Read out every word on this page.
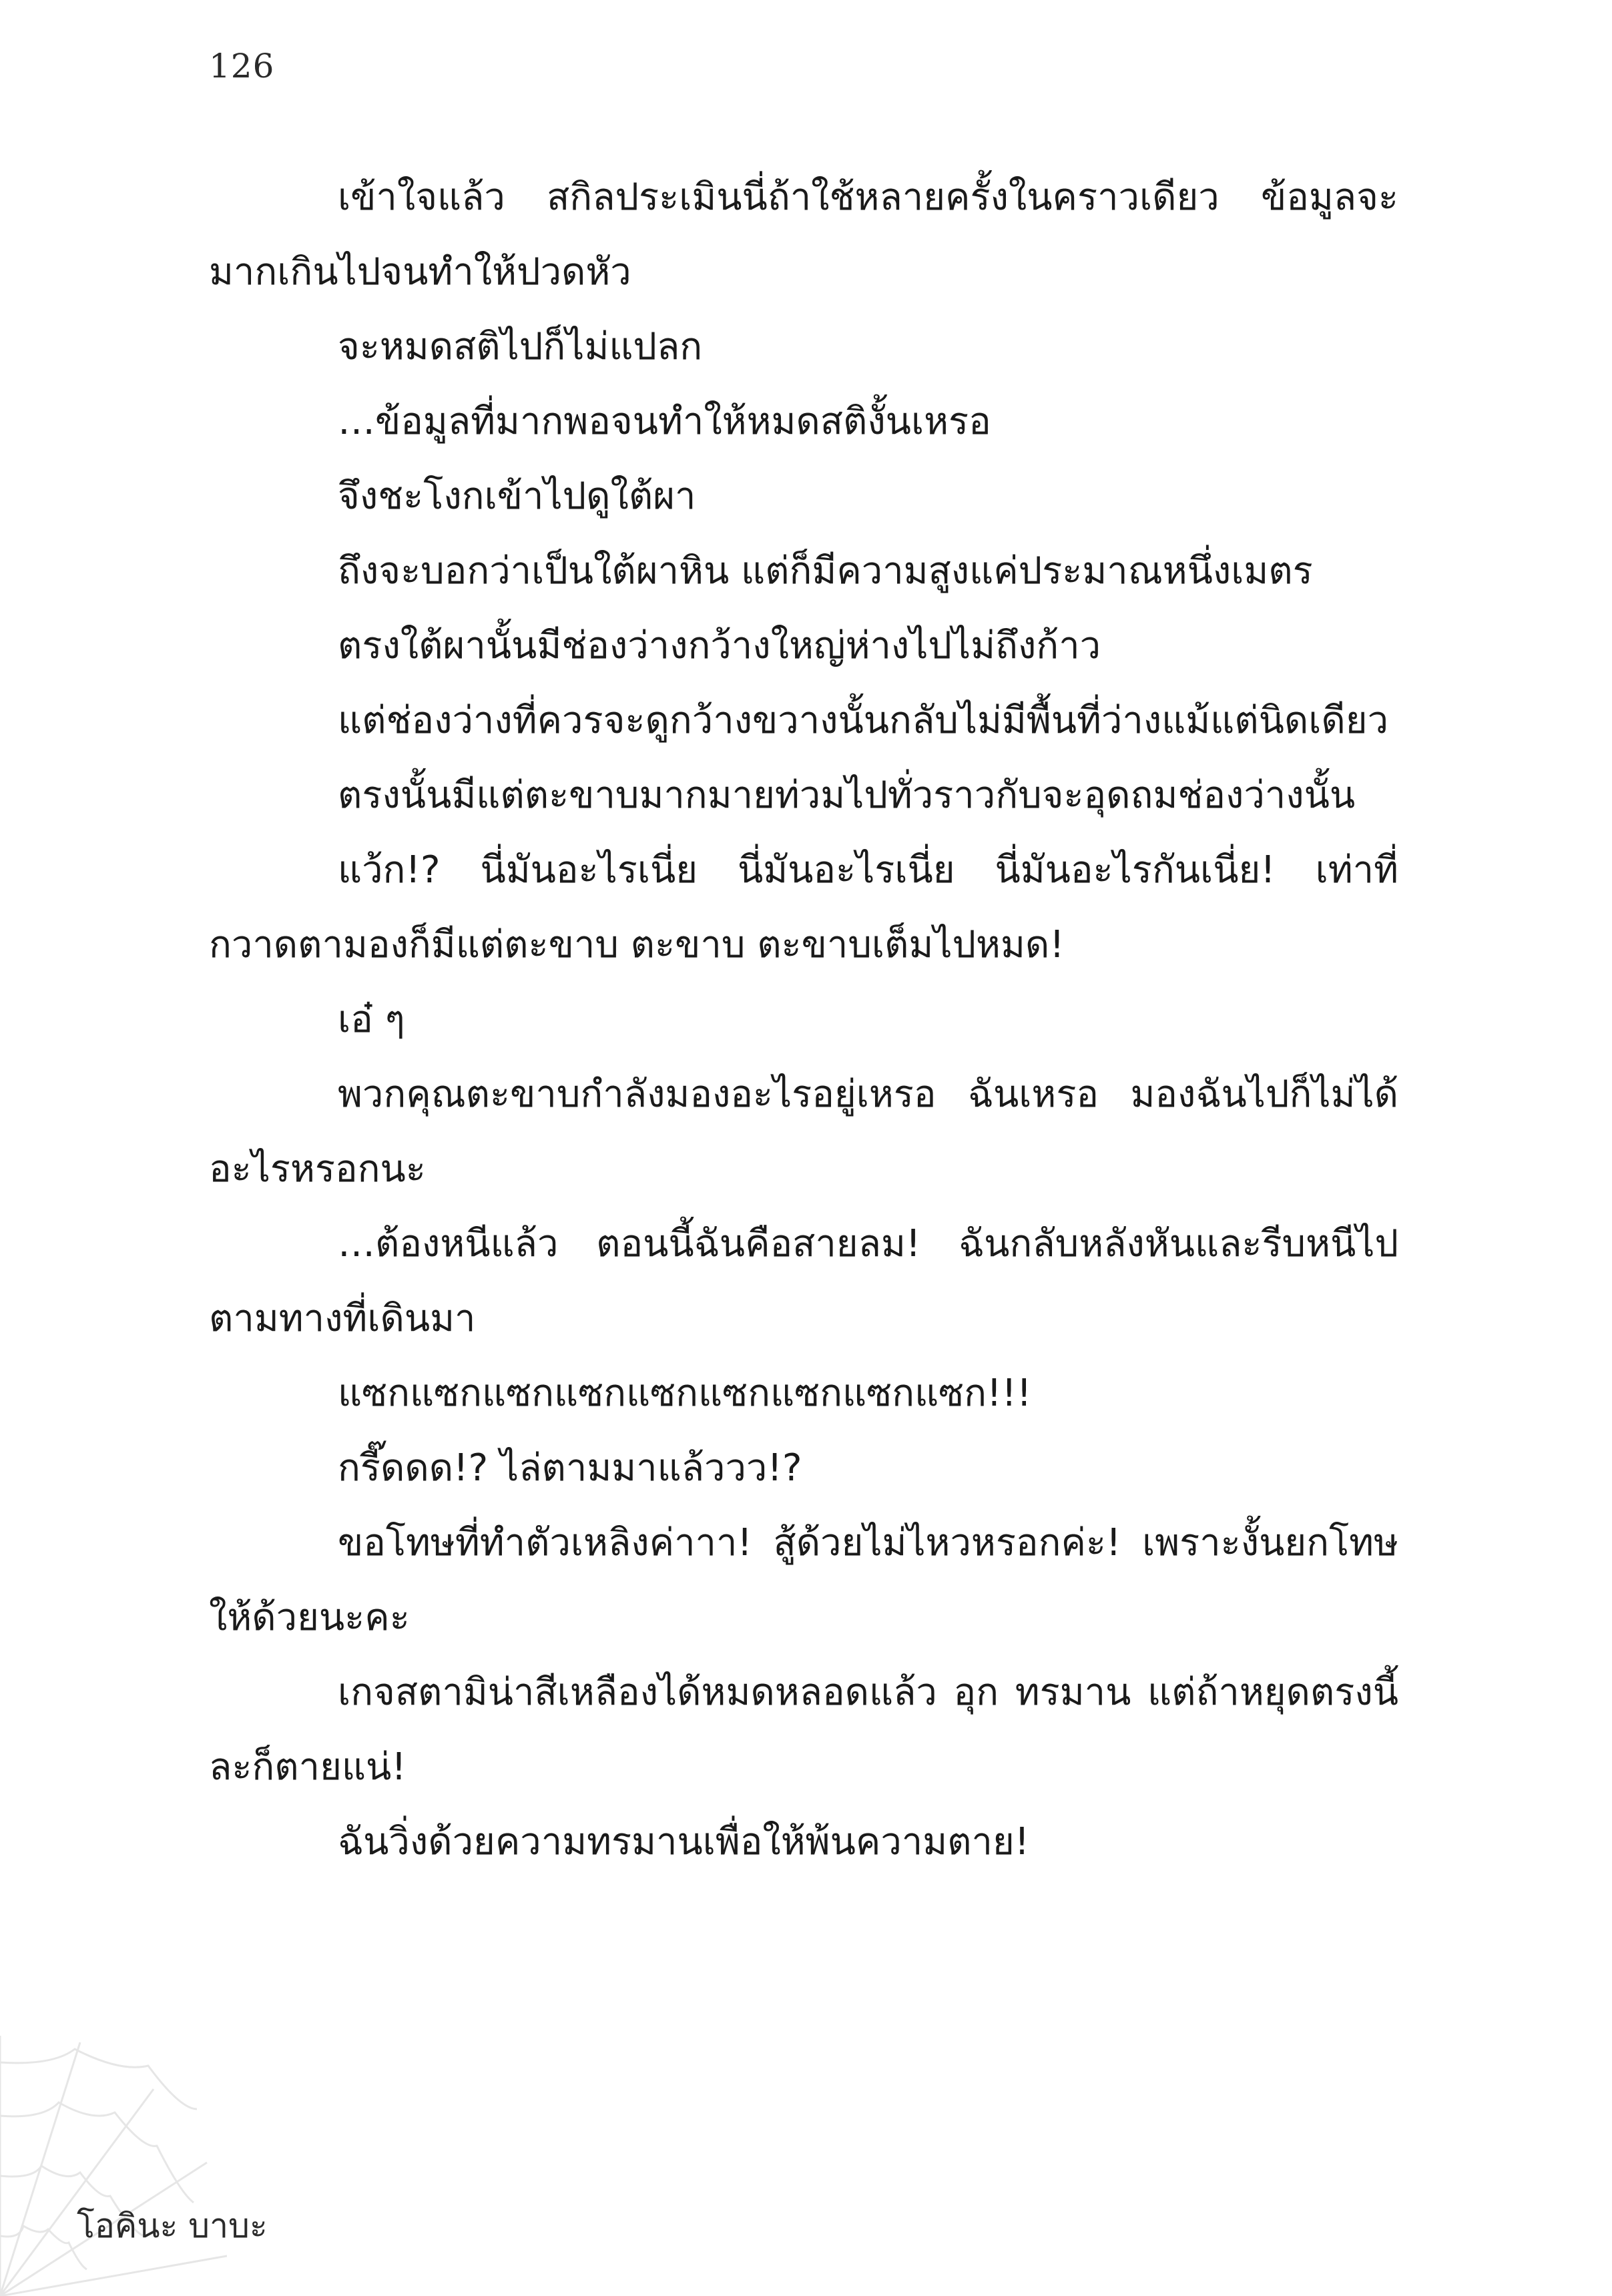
126

เข้าใจแล้ว สกิลประเมินนี่ถ้าใช้หลายครั้งในคราวเดียว ข้อมูลจะมากเกินไปจนทำให้ปวดหัว

จะหมดสติไปก็ไม่แปลก

…ข้อมูลที่มากพอจนทำให้หมดสติงั้นเหรอ

จึงชะโงกเข้าไปดูใต้ผา

ถึงจะบอกว่าเป็นใต้ผาหิน แต่ก็มีความสูงแค่ประมาณหนึ่งเมตร

ตรงใต้ผานั้นมีช่องว่างกว้างใหญ่ห่างไปไม่ถึงก้าว

แต่ช่องว่างที่ควรจะดูกว้างขวางนั้นกลับไม่มีพื้นที่ว่างแม้แต่นิดเดียว

ตรงนั้นมีแต่ตะขาบมากมายท่วมไปทั่วราวกับจะอุดถมช่องว่างนั้น

แว้ก!? นี่มันอะไรเนี่ย นี่มันอะไรเนี่ย นี่มันอะไรกันเนี่ย! เท่าที่กวาดตามองก็มีแต่ตะขาบ ตะขาบ ตะขาบเต็มไปหมด!

เอ๋ ๆ

พวกคุณตะขาบกำลังมองอะไรอยู่เหรอ ฉันเหรอ มองฉันไปก็ไม่ได้อะไรหรอกนะ

…ต้องหนีแล้ว ตอนนี้ฉันคือสายลม! ฉันกลับหลังหันและรีบหนีไปตามทางที่เดินมา

แซกแซกแซกแซกแซกแซกแซกแซกแซก!!!

กรี๊ดดด!? ไล่ตามมาแล้ววว!?

ขอโทษที่ทำตัวเหลิงค่าาา! สู้ด้วยไม่ไหวหรอกค่ะ! เพราะงั้นยกโทษให้ด้วยนะคะ

เกจสตามิน่าสีเหลืองได้หมดหลอดแล้ว อุก ทรมาน แต่ถ้าหยุดตรงนี้ละก็ตายแน่!

ฉันวิ่งด้วยความทรมานเพื่อให้พ้นความตาย!

โอคินะ บาบะ
